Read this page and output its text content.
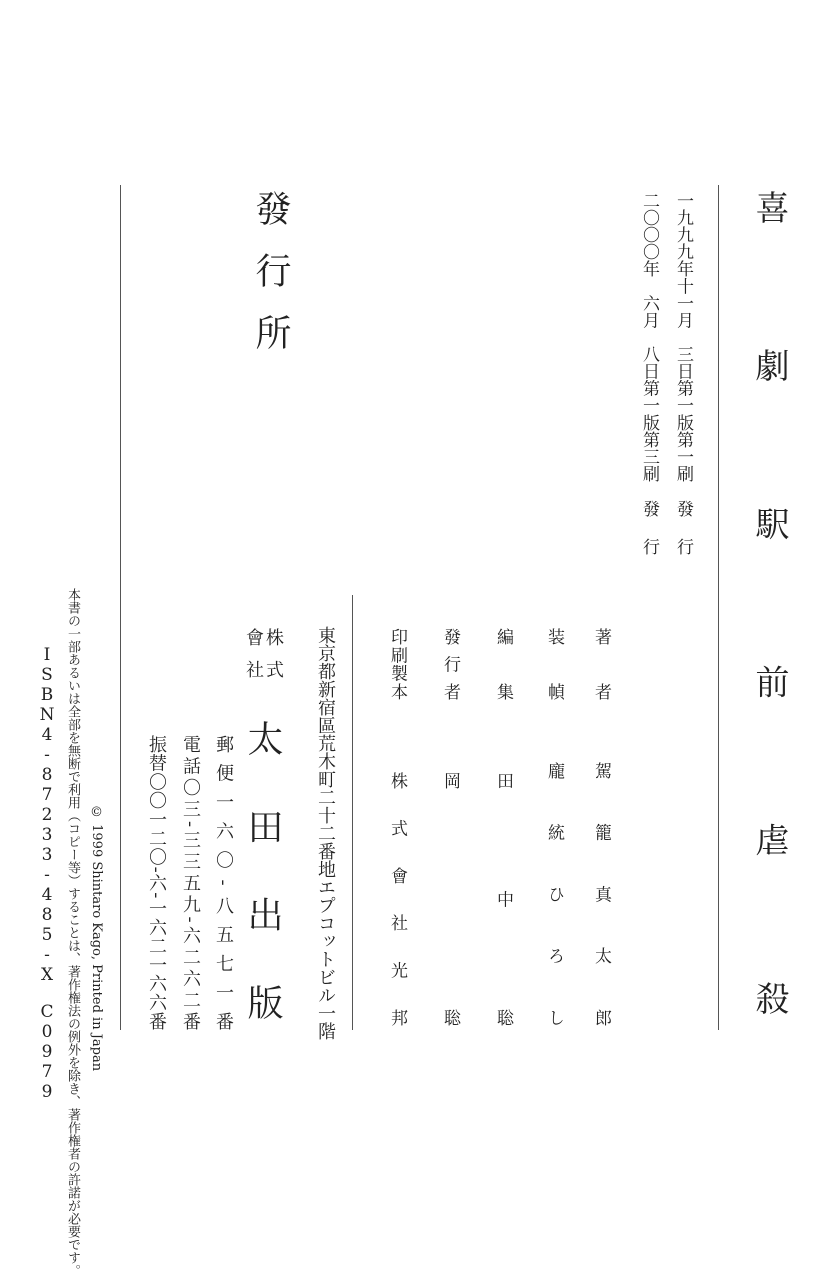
喜劇駅前虐殺
一九九九年十一月　三日第一版第一刷
發行
二〇〇〇年　六月　八日第一版第三刷
發行
著者
駕籠真太郎
装幀
龐統ひろし
編集
田中聡
發行者
岡聡
印刷製本
株式會社光邦
發行所
東京都新宿區荒木町二十二番地エプコットビル一階
株式
會社
太田出版
郵便一六〇-八五七一番
電話〇三-三三五九-六二六二番
振替〇〇一二〇-六-一六二一六六番
© 1999 Shintaro Kago, Printed in Japan
本書の一部あるいは全部を無断で利用（コピー等）することは、著作権法の例外を除き、著作権者の許諾が必要です。
ISBN4-87233-485-X　C0979
